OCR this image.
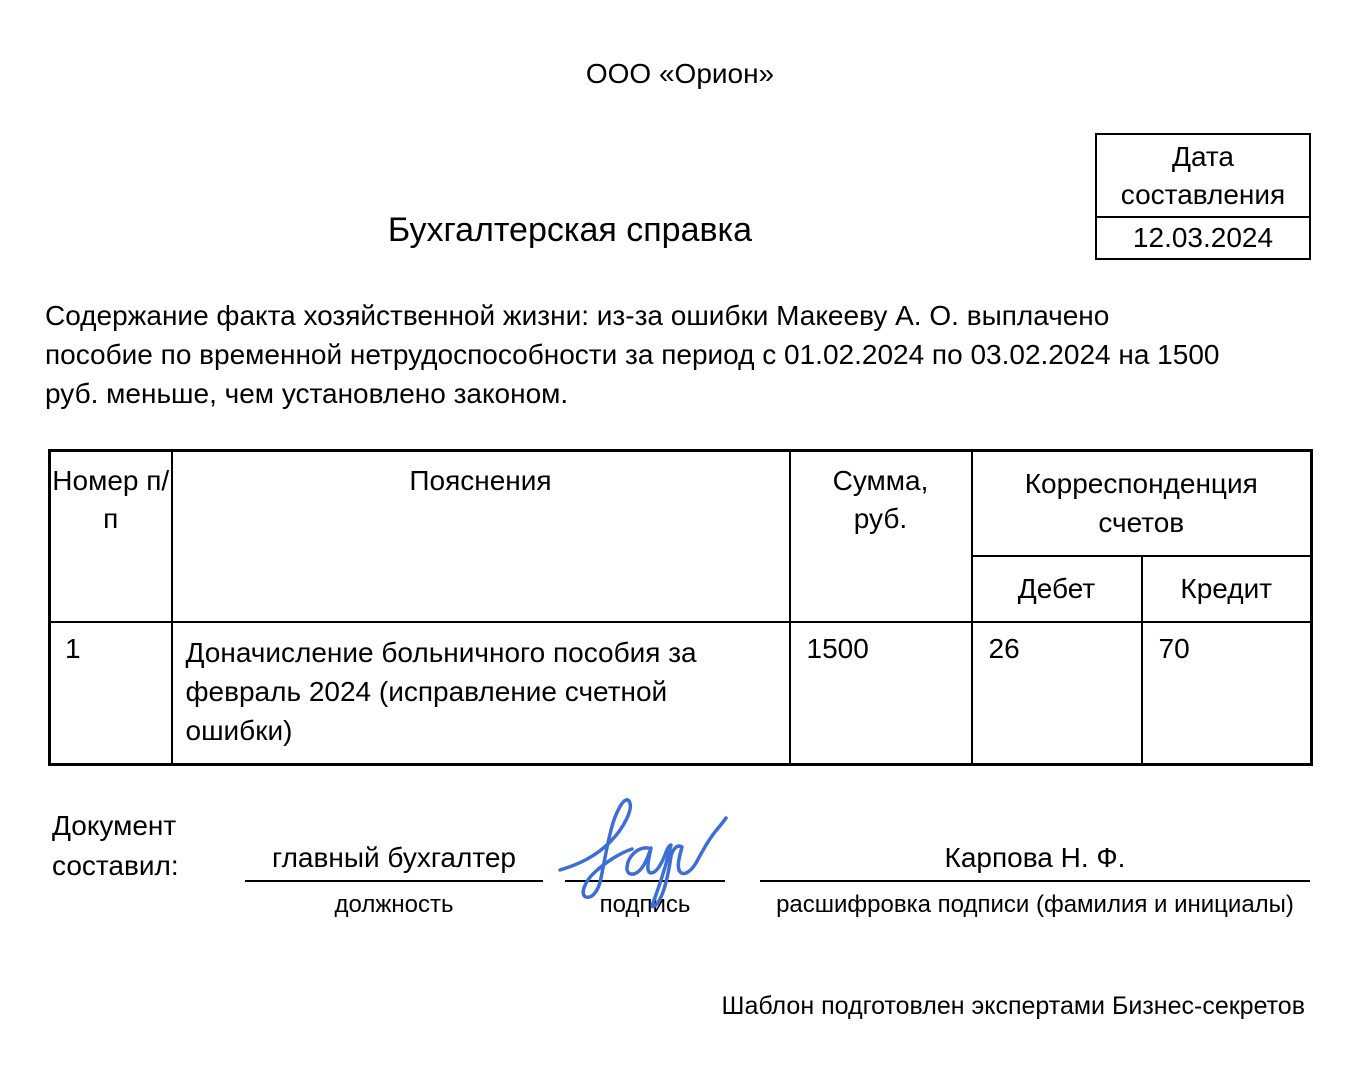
ООО «Орион»
Дата составления
12.03.2024
Бухгалтерская справка
Содержание факта хозяйственной жизни: из-за ошибки Макееву А. О. выплачено пособие по временной нетрудоспособности за период с 01.02.2024 по 03.02.2024 на 1500 руб. меньше, чем установлено законом.
Номер п/п	Пояснения	Сумма, руб.	Корреспонденция счетов	

			Дебет	Кредит
1	Доначисление больничного пособия за февраль 2024 (исправление счетной ошибки)	1500	26	70
Документ составил:	главный бухгалтер
должность	подпись
Карпова Н. Ф.
расшифровка подписи (фамилия и инициалы)
Шаблон подготовлен экспертами Бизнес-секретов
